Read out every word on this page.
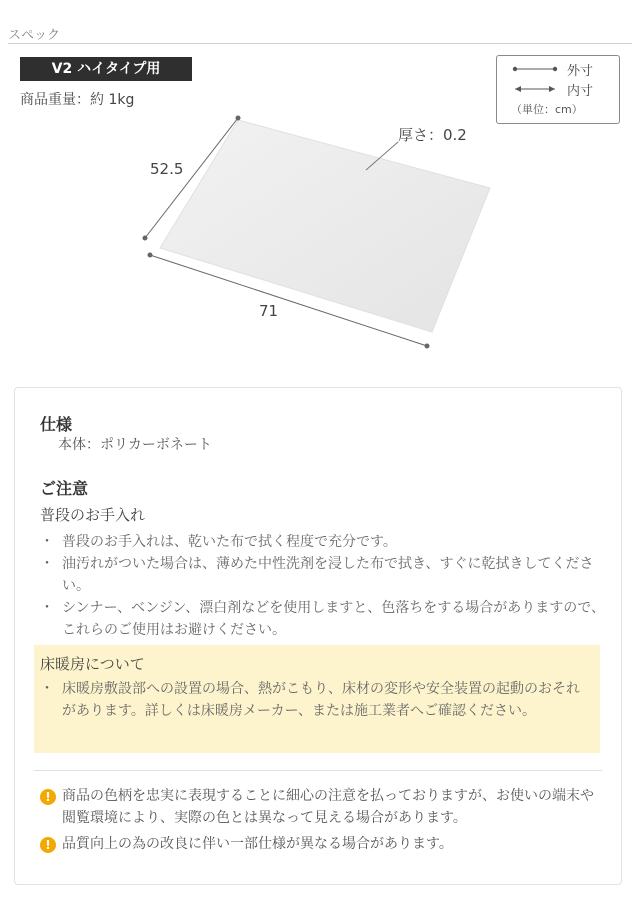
スペック
V2 ハイタイプ用
商品重量：約 1kg
外寸
内寸
（単位：cm）
52.5
71
厚さ：0.2
仕様
本体：ポリカーボネート
ご注意
普段のお手入れ
・ 普段のお手入れは、乾いた布で拭く程度で充分です。
・ 油汚れがついた場合は、薄めた中性洗剤を浸した布で拭き、すぐに乾拭きしてください。
・ シンナー、ベンジン、漂白剤などを使用しますと、色落ちをする場合がありますので、これらのご使用はお避けください。
床暖房について
・ 床暖房敷設部への設置の場合、熱がこもり、床材の変形や安全装置の起動のおそれがあります。詳しくは床暖房メーカー、または施工業者へご確認ください。
! 商品の色柄を忠実に表現することに細心の注意を払っておりますが、お使いの端末や閲覧環境により、実際の色とは異なって見える場合があります。
! 品質向上の為の改良に伴い一部仕様が異なる場合があります。
